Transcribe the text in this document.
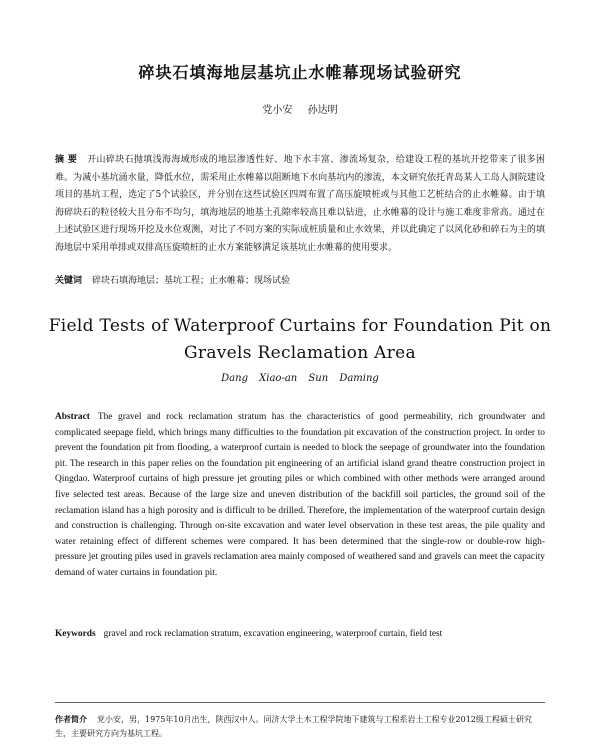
碎块石填海地层基坑止水帷幕现场试验研究
党小安 孙达明
摘 要 开山碎块石抛填浅海海域形成的地层渗透性好、地下水丰富、渗流场复杂，给建设工程的基坑开挖带来了很多困难。为减小基坑涌水量，降低水位，需采用止水帷幕以阻断地下水向基坑内的渗流，本文研究依托青岛某人工岛人洞院建设项目的基坑工程，选定了5个试验区，并分别在这些试验区四周布置了高压旋喷桩或与其他工艺桩结合的止水帷幕。由于填海碎块石的粒径较大且分布不均匀，填海地层的地基土孔隙率较高且难以钻进，止水帷幕的设计与施工难度非常高。通过在上述试验区进行现场开挖及水位观测，对比了不同方案的实际成桩质量和止水效果，并以此确定了以风化砂和碎石为主的填海地层中采用单排或双排高压旋喷桩的止水方案能够满足该基坑止水帷幕的使用要求。
关键词 碎块石填海地层；基坑工程；止水帷幕；现场试验
Field Tests of Waterproof Curtains for Foundation Pit on
Gravels Reclamation Area
Dang Xiao-an Sun Daming
Abstract The gravel and rock reclamation stratum has the characteristics of good permeability, rich groundwater and complicated seepage field, which brings many difficulties to the foundation pit excavation of the construction project. In order to prevent the foundation pit from flooding, a waterproof curtain is needed to block the seepage of groundwater into the foundation pit. The research in this paper relies on the foundation pit engineering of an artificial island grand theatre construction project in Qingdao. Waterproof curtains of high pressure jet grouting piles or which combined with other methods were arranged around five selected test areas. Because of the large size and uneven distribution of the backfill soil particles, the ground soil of the reclamation island has a high porosity and is difficult to be drilled. Therefore, the implementation of the waterproof curtain design and construction is challenging. Through on-site excavation and water level observation in these test areas, the pile quality and water retaining effect of different schemes were compared. It has been determined that the single-row or double-row high-pressure jet grouting piles used in gravels reclamation area mainly composed of weathered sand and gravels can meet the capacity demand of water curtains in foundation pit.
Keywords gravel and rock reclamation stratum, excavation engineering, waterproof curtain, field test
作者简介 党小安，男，1975年10月出生，陕西汉中人。同济大学土木工程学院地下建筑与工程系岩土工程专业2012级工程硕士研究生，主要研究方向为基坑工程。
